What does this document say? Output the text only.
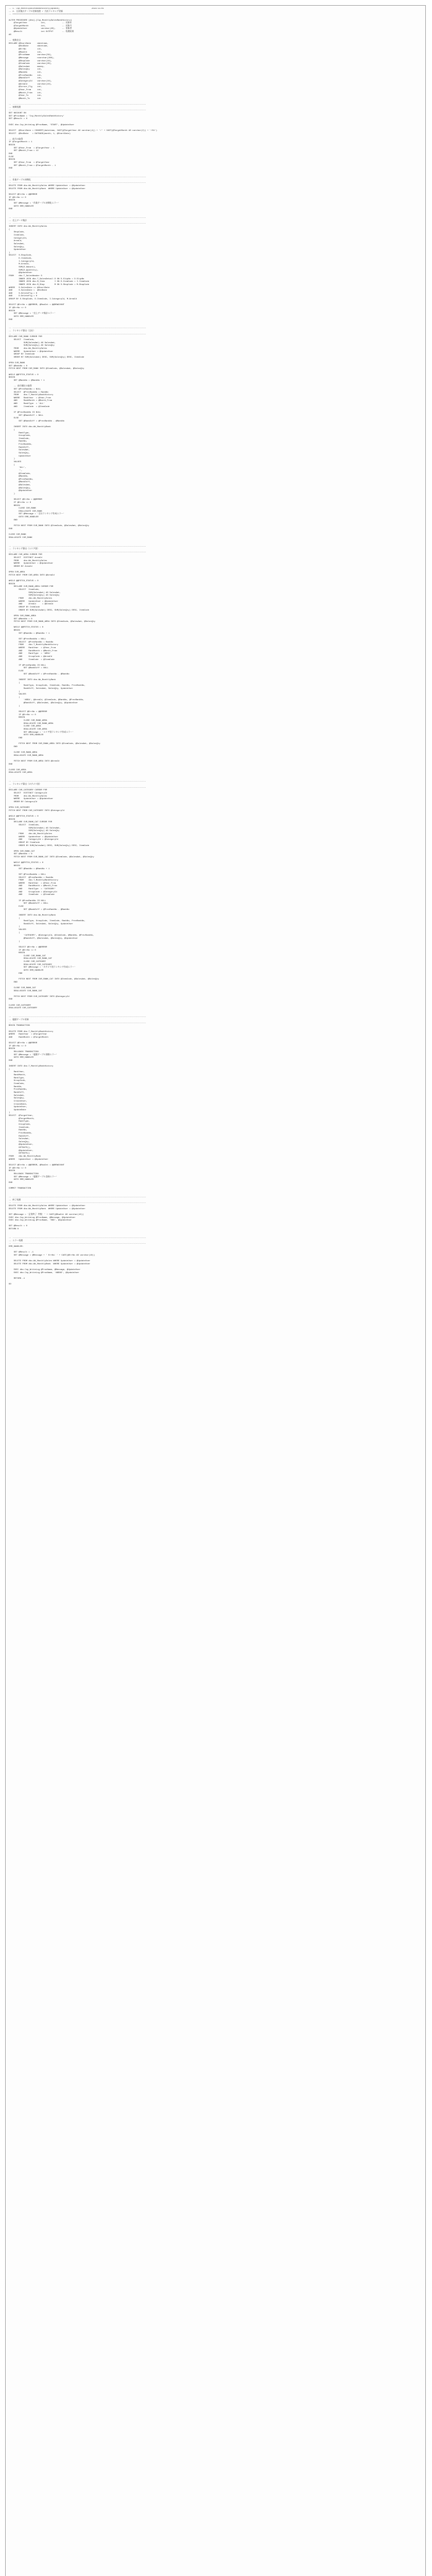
-- 1. Csp_MonthlySalesRankHistory(Update)                          2023/11/01
-- 2. 日次集計テーブル更新処理 / 月次ランキング更新
-- ==========================================================================

ALTER PROCEDURE [dbo].[Csp_MonthlySalesRankHistory]
@TargetYear           int,             -- 対象年
@TargetMonth          int,             -- 対象月
@UpdateUser           varchar(20),     -- 更新者
@Result               int OUTPUT       -- 処理結果
AS

-- 変数宣言
DECLARE @StartDate     datetime,
@EndDate       datetime,
@ErrNo         int,
@RowCnt        int,
@ProcName      varchar(50),
@Message       nvarchar(200),
@ShopCode      varchar(10),
@ItemCode      varchar(20),
@SalesAmt      money,
@SalesQty      int,
@RankNo        int,
@PrevRankNo    int,
@RankDiff      int,
@CategoryCd    varchar(10),
@AreaCd        varchar(10),
@Cursor_Flg    int,
@Year_From     int,
@Month_From    int,
@Year_To       int,
@Month_To      int

-- ------------------------------------------------------------------------------------------------------------
-- 初期処理
-- ------------------------------------------------------------------------------------------------------------
SET NOCOUNT ON
SET @ProcName = 'Csp_MonthlySalesRankHistory'
SET @Result = 0

EXEC dbo.Csp_WriteLog @ProcName, 'START', @UpdateUser

SELECT  @StartDate = CONVERT(datetime, CAST(@TargetYear AS varchar(4)) + '/' + CAST(@TargetMonth AS varchar(2)) + '/01')
SELECT  @EndDate   = DATEADD(month, 1, @StartDate)

-- 前月の取得
IF @TargetMonth = 1
BEGIN
SET @Year_From  = @TargetYear - 1
SET @Month_From = 12
END
ELSE
BEGIN
SET @Year_From  = @TargetYear
SET @Month_From = @TargetMonth - 1
END

-- ------------------------------------------------------------------------------------------------------------
-- 作業テーブル初期化
-- ------------------------------------------------------------------------------------------------------------
DELETE FROM dbo.Wk_MonthlySales WHERE UpdateUser = @UpdateUser
DELETE FROM dbo.Wk_MonthlyRank  WHERE UpdateUser = @UpdateUser

SELECT @ErrNo = @@ERROR
IF @ErrNo <> 0
BEGIN
SET @Message = '作業テーブル初期化エラー'
GOTO ERR_HANDLER
END

-- ------------------------------------------------------------------------------------------------------------
-- 売上データ集計
-- ------------------------------------------------------------------------------------------------------------
INSERT INTO dbo.Wk_MonthlySales
(
ShopCode,
ItemCode,
CategoryCd,
AreaCd,
SalesAmt,
SalesQty,
UpdateUser
)
SELECT  S.ShopCode,
D.ItemCode,
I.CategoryCd,
M.AreaCd,
SUM(D.Amount),
SUM(D.Quantity),
@UpdateUser
FROM    dbo.T_SalesHeader S
INNER JOIN dbo.T_SalesDetail D ON S.SlipNo = D.SlipNo
INNER JOIN dbo.M_Item        I ON D.ItemCode = I.ItemCode
INNER JOIN dbo.M_Shop        M ON S.ShopCode = M.ShopCode
WHERE   S.SalesDate >= @StartDate
AND     S.SalesDate <  @EndDate
AND     S.DeleteFlg = 0
AND     D.DeleteFlg = 0
GROUP BY S.ShopCode, D.ItemCode, I.CategoryCd, M.AreaCd

SELECT @ErrNo = @@ERROR, @RowCnt = @@ROWCOUNT
IF @ErrNo <> 0
BEGIN
SET @Message = '売上データ集計エラー'
GOTO ERR_HANDLER
END

-- ------------------------------------------------------------------------------------------------------------
-- ランキング算出（全社）
-- ------------------------------------------------------------------------------------------------------------
DECLARE CUR_RANK CURSOR FOR
SELECT  ItemCode,
SUM(SalesAmt) AS SalesAmt,
SUM(SalesQty) AS SalesQty
FROM    dbo.Wk_MonthlySales
WHERE   UpdateUser = @UpdateUser
GROUP BY ItemCode
ORDER BY SUM(SalesAmt) DESC, SUM(SalesQty) DESC, ItemCode

OPEN CUR_RANK
SET @RankNo = 0
FETCH NEXT FROM CUR_RANK INTO @ItemCode, @SalesAmt, @SalesQty

WHILE @@FETCH_STATUS = 0
BEGIN
SET @RankNo = @RankNo + 1

-- 前月順位の取得
SET @PrevRankNo = NULL
SELECT  @PrevRankNo = RankNo
FROM    dbo.T_MonthlyRankHistory
WHERE   RankYear  = @Year_From
AND     RankMonth = @Month_From
AND     RankType  = 'ALL'
AND     ItemCode  = @ItemCode

IF @PrevRankNo IS NULL
SET @RankDiff = NULL
ELSE
SET @RankDiff = @PrevRankNo - @RankNo

INSERT INTO dbo.Wk_MonthlyRank
(
RankType,
GroupCode,
ItemCode,
RankNo,
PrevRankNo,
RankDiff,
SalesAmt,
SalesQty,
UpdateUser
)
VALUES
(
'ALL',
'',
@ItemCode,
@RankNo,
@PrevRankNo,
@RankDiff,
@SalesAmt,
@SalesQty,
@UpdateUser
)

SELECT @ErrNo = @@ERROR
IF @ErrNo <> 0
BEGIN
CLOSE CUR_RANK
DEALLOCATE CUR_RANK
SET @Message = '全社ランキング作成エラー'
GOTO ERR_HANDLER
END

FETCH NEXT FROM CUR_RANK INTO @ItemCode, @SalesAmt, @SalesQty
END

CLOSE CUR_RANK
DEALLOCATE CUR_RANK

-- ------------------------------------------------------------------------------------------------------------
-- ランキング算出（エリア別）
-- ------------------------------------------------------------------------------------------------------------
DECLARE CUR_AREA CURSOR FOR
SELECT  DISTINCT AreaCd
FROM    dbo.Wk_MonthlySales
WHERE   UpdateUser = @UpdateUser
ORDER BY AreaCd

OPEN CUR_AREA
FETCH NEXT FROM CUR_AREA INTO @AreaCd

WHILE @@FETCH_STATUS = 0
BEGIN
DECLARE CUR_RANK_AREA CURSOR FOR
SELECT  ItemCode,
SUM(SalesAmt) AS SalesAmt,
SUM(SalesQty) AS SalesQty
FROM    dbo.Wk_MonthlySales
WHERE   UpdateUser = @UpdateUser
AND     AreaCd     = @AreaCd
GROUP BY ItemCode
ORDER BY SUM(SalesAmt) DESC, SUM(SalesQty) DESC, ItemCode

OPEN CUR_RANK_AREA
SET @RankNo = 0
FETCH NEXT FROM CUR_RANK_AREA INTO @ItemCode, @SalesAmt, @SalesQty

WHILE @@FETCH_STATUS = 0
BEGIN
SET @RankNo = @RankNo + 1

SET @PrevRankNo = NULL
SELECT  @PrevRankNo = RankNo
FROM    dbo.T_MonthlyRankHistory
WHERE   RankYear  = @Year_From
AND     RankMonth = @Month_From
AND     RankType  = 'AREA'
AND     GroupCode = @AreaCd
AND     ItemCode  = @ItemCode

IF @PrevRankNo IS NULL
SET @RankDiff = NULL
ELSE
SET @RankDiff = @PrevRankNo - @RankNo

INSERT INTO dbo.Wk_MonthlyRank
(
RankType, GroupCode, ItemCode, RankNo, PrevRankNo,
RankDiff, SalesAmt, SalesQty, UpdateUser
)
VALUES
(
'AREA', @AreaCd, @ItemCode, @RankNo, @PrevRankNo,
@RankDiff, @SalesAmt, @SalesQty, @UpdateUser
)

SELECT @ErrNo = @@ERROR
IF @ErrNo <> 0
BEGIN
CLOSE CUR_RANK_AREA
DEALLOCATE CUR_RANK_AREA
CLOSE CUR_AREA
DEALLOCATE CUR_AREA
SET @Message = 'エリア別ランキング作成エラー'
GOTO ERR_HANDLER
END

FETCH NEXT FROM CUR_RANK_AREA INTO @ItemCode, @SalesAmt, @SalesQty
END

CLOSE CUR_RANK_AREA
DEALLOCATE CUR_RANK_AREA

FETCH NEXT FROM CUR_AREA INTO @AreaCd
END

CLOSE CUR_AREA
DEALLOCATE CUR_AREA

-- ------------------------------------------------------------------------------------------------------------
-- ランキング算出（カテゴリ別）
-- ------------------------------------------------------------------------------------------------------------
DECLARE CUR_CATEGORY CURSOR FOR
SELECT  DISTINCT CategoryCd
FROM    dbo.Wk_MonthlySales
WHERE   UpdateUser = @UpdateUser
ORDER BY CategoryCd

OPEN CUR_CATEGORY
FETCH NEXT FROM CUR_CATEGORY INTO @CategoryCd

WHILE @@FETCH_STATUS = 0
BEGIN
DECLARE CUR_RANK_CAT CURSOR FOR
SELECT  ItemCode,
SUM(SalesAmt) AS SalesAmt,
SUM(SalesQty) AS SalesQty
FROM    dbo.Wk_MonthlySales
WHERE   UpdateUser = @UpdateUser
AND     CategoryCd = @CategoryCd
GROUP BY ItemCode
ORDER BY SUM(SalesAmt) DESC, SUM(SalesQty) DESC, ItemCode

OPEN CUR_RANK_CAT
SET @RankNo = 0
FETCH NEXT FROM CUR_RANK_CAT INTO @ItemCode, @SalesAmt, @SalesQty

WHILE @@FETCH_STATUS = 0
BEGIN
SET @RankNo = @RankNo + 1

SET @PrevRankNo = NULL
SELECT  @PrevRankNo = RankNo
FROM    dbo.T_MonthlyRankHistory
WHERE   RankYear  = @Year_From
AND     RankMonth = @Month_From
AND     RankType  = 'CATEGORY'
AND     GroupCode = @CategoryCd
AND     ItemCode  = @ItemCode

IF @PrevRankNo IS NULL
SET @RankDiff = NULL
ELSE
SET @RankDiff = @PrevRankNo - @RankNo

INSERT INTO dbo.Wk_MonthlyRank
(
RankType, GroupCode, ItemCode, RankNo, PrevRankNo,
RankDiff, SalesAmt, SalesQty, UpdateUser
)
VALUES
(
'CATEGORY', @CategoryCd, @ItemCode, @RankNo, @PrevRankNo,
@RankDiff, @SalesAmt, @SalesQty, @UpdateUser
)

SELECT @ErrNo = @@ERROR
IF @ErrNo <> 0
BEGIN
CLOSE CUR_RANK_CAT
DEALLOCATE CUR_RANK_CAT
CLOSE CUR_CATEGORY
DEALLOCATE CUR_CATEGORY
SET @Message = 'カテゴリ別ランキング作成エラー'
GOTO ERR_HANDLER
END

FETCH NEXT FROM CUR_RANK_CAT INTO @ItemCode, @SalesAmt, @SalesQty
END

CLOSE CUR_RANK_CAT
DEALLOCATE CUR_RANK_CAT

FETCH NEXT FROM CUR_CATEGORY INTO @CategoryCd
END

CLOSE CUR_CATEGORY
DEALLOCATE CUR_CATEGORY

-- ------------------------------------------------------------------------------------------------------------
-- 履歴テーブル更新
-- ------------------------------------------------------------------------------------------------------------
BEGIN TRANSACTION

DELETE FROM dbo.T_MonthlyRankHistory
WHERE   RankYear  = @TargetYear
AND     RankMonth = @TargetMonth

SELECT @ErrNo = @@ERROR
IF @ErrNo <> 0
BEGIN
ROLLBACK TRANSACTION
SET @Message = '履歴テーブル削除エラー'
GOTO ERR_HANDLER
END

INSERT INTO dbo.T_MonthlyRankHistory
(
RankYear,
RankMonth,
RankType,
GroupCode,
ItemCode,
RankNo,
PrevRankNo,
RankDiff,
SalesAmt,
SalesQty,
CreateUser,
CreateDate,
UpdateUser,
UpdateDate
)
SELECT  @TargetYear,
@TargetMonth,
RankType,
GroupCode,
ItemCode,
RankNo,
PrevRankNo,
RankDiff,
SalesAmt,
SalesQty,
@UpdateUser,
GETDATE(),
@UpdateUser,
GETDATE()
FROM    dbo.Wk_MonthlyRank
WHERE   UpdateUser = @UpdateUser

SELECT @ErrNo = @@ERROR, @RowCnt = @@ROWCOUNT
IF @ErrNo <> 0
BEGIN
ROLLBACK TRANSACTION
SET @Message = '履歴テーブル登録エラー'
GOTO ERR_HANDLER
END

COMMIT TRANSACTION

-- ------------------------------------------------------------------------------------------------------------
-- 終了処理
-- ------------------------------------------------------------------------------------------------------------
DELETE FROM dbo.Wk_MonthlySales WHERE UpdateUser = @UpdateUser
DELETE FROM dbo.Wk_MonthlyRank  WHERE UpdateUser = @UpdateUser

SET @Message = '正常終了 件数：' + CAST(@RowCnt AS varchar(10))
EXEC dbo.Csp_WriteLog @ProcName, @Message, @UpdateUser
EXEC dbo.Csp_WriteLog @ProcName, 'END', @UpdateUser

SET @Result = 0
RETURN 0

-- ------------------------------------------------------------------------------------------------------------
-- エラー処理
-- ------------------------------------------------------------------------------------------------------------
ERR_HANDLER:

SET @Result = -1
SET @Message = @Message + ' ErrNo：' + CAST(@ErrNo AS varchar(10))

DELETE FROM dbo.Wk_MonthlySales WHERE UpdateUser = @UpdateUser
DELETE FROM dbo.Wk_MonthlyRank  WHERE UpdateUser = @UpdateUser

EXEC dbo.Csp_WriteLog @ProcName, @Message, @UpdateUser
EXEC dbo.Csp_WriteLog @ProcName, 'ABEND', @UpdateUser

RETURN -1

GO
